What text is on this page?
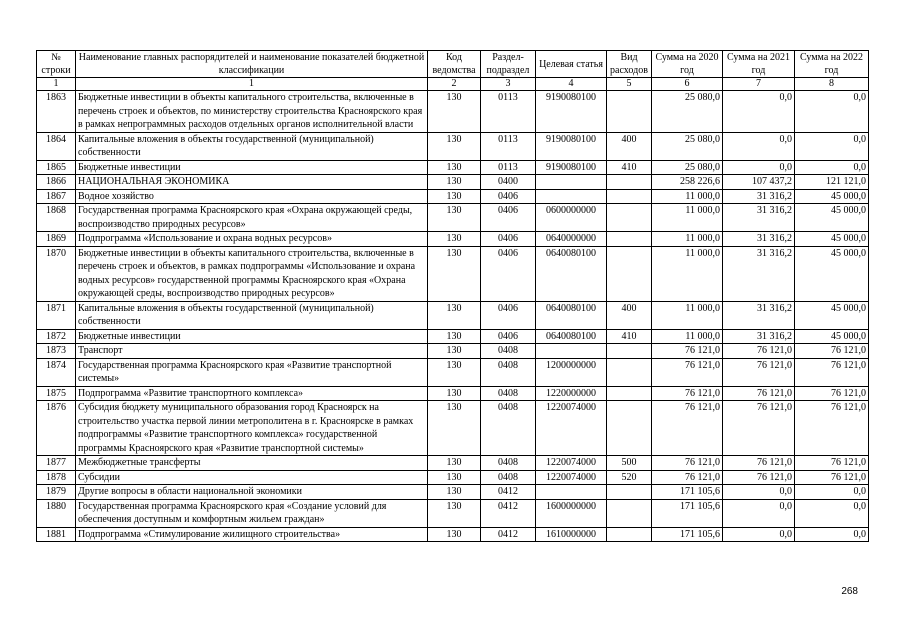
№ строки	Наименование главных распорядителей и наименование показателей бюджетной классификации	Код ведомства	Раздел-подраздел	Целевая статья	Вид расходов	Сумма на 2020 год	Сумма на 2021 год	Сумма на 2022 год
1	1	2	3	4	5	6	7	8
1863	Бюджетные инвестиции в объекты капитального строительства, включенные в перечень строек и объектов, по министерству строительства Красноярского края в рамках непрограммных расходов отдельных органов исполнительной власти	130	0113	9190080100		25 080,0	0,0	0,0
1864	Капитальные вложения в объекты государственной (муниципальной) собственности	130	0113	9190080100	400	25 080,0	0,0	0,0
1865	Бюджетные инвестиции	130	0113	9190080100	410	25 080,0	0,0	0,0
1866	НАЦИОНАЛЬНАЯ ЭКОНОМИКА	130	0400			258 226,6	107 437,2	121 121,0
1867	Водное хозяйство	130	0406			11 000,0	31 316,2	45 000,0
1868	Государственная программа Красноярского края «Охрана окружающей среды, воспроизводство природных ресурсов»	130	0406	0600000000		11 000,0	31 316,2	45 000,0
1869	Подпрограмма «Использование и охрана водных ресурсов»	130	0406	0640000000		11 000,0	31 316,2	45 000,0
1870	Бюджетные инвестиции в объекты капитального строительства, включенные в перечень строек и объектов, в рамках подпрограммы «Использование и охрана водных ресурсов» государственной программы Красноярского края «Охрана окружающей среды, воспроизводство природных ресурсов»	130	0406	0640080100		11 000,0	31 316,2	45 000,0
1871	Капитальные вложения в объекты государственной (муниципальной) собственности	130	0406	0640080100	400	11 000,0	31 316,2	45 000,0
1872	Бюджетные инвестиции	130	0406	0640080100	410	11 000,0	31 316,2	45 000,0
1873	Транспорт	130	0408			76 121,0	76 121,0	76 121,0
1874	Государственная программа Красноярского края «Развитие транспортной системы»	130	0408	1200000000		76 121,0	76 121,0	76 121,0
1875	Подпрограмма «Развитие транспортного комплекса»	130	0408	1220000000		76 121,0	76 121,0	76 121,0
1876	Субсидия бюджету муниципального образования город Красноярск на строительство участка первой линии метрополитена в г. Красноярске в рамках подпрограммы «Развитие транспортного комплекса» государственной программы Красноярского края «Развитие транспортной системы»	130	0408	1220074000		76 121,0	76 121,0	76 121,0
1877	Межбюджетные трансферты	130	0408	1220074000	500	76 121,0	76 121,0	76 121,0
1878	Субсидии	130	0408	1220074000	520	76 121,0	76 121,0	76 121,0
1879	Другие вопросы в области национальной экономики	130	0412			171 105,6	0,0	0,0
1880	Государственная программа Красноярского края «Создание условий для обеспечения доступным и комфортным жильем граждан»	130	0412	1600000000		171 105,6	0,0	0,0
1881	Подпрограмма «Стимулирование жилищного строительства»	130	0412	1610000000		171 105,6	0,0	0,0
268
